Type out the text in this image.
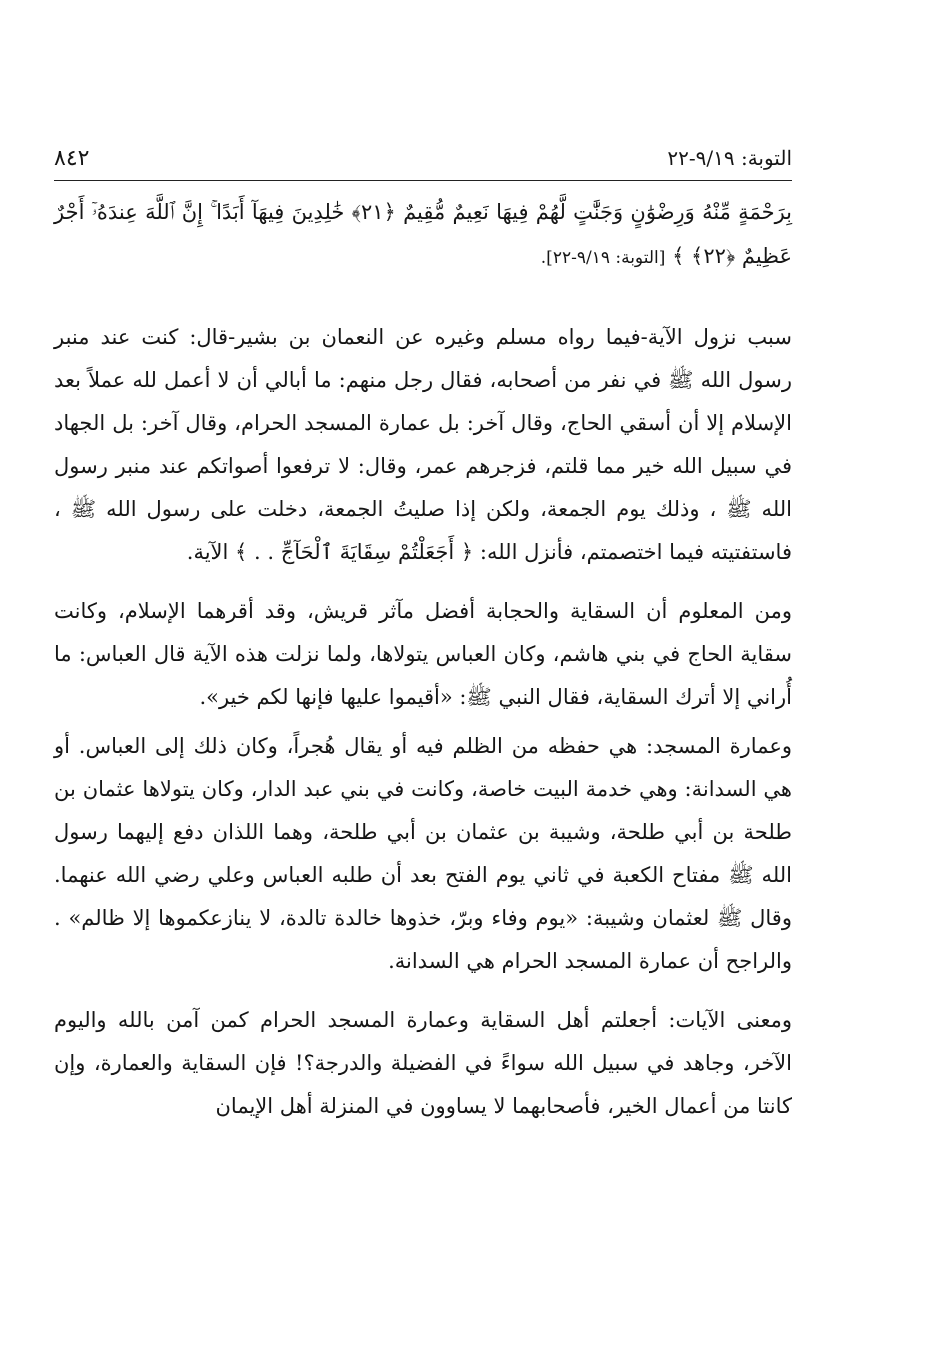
٨٤٢	التوبة: ٩/١٩-٢٢
بِرَحْمَةٍ مِّنْهُ وَرِضْوَٰنٍ وَجَنَّٰتٍ لَّهُمْ فِيهَا نَعِيمٌ مُّقِيمٌ ﴿٢١﴾ خَٰلِدِينَ فِيهَآ أَبَدًا ۚ إِنَّ ٱللَّهَ عِندَهُۥٓ أَجْرٌ عَظِيمٌ ﴿٢٢﴾ ﴾ [التوبة: ٩/١٩-٢٢].

سبب نزول الآية-فيما رواه مسلم وغيره عن النعمان بن بشير-قال: كنت عند منبر رسول الله ﷺ في نفر من أصحابه، فقال رجل منهم: ما أبالي أن لا أعمل لله عملاً بعد الإسلام إلا أن أسقي الحاج، وقال آخر: بل عمارة المسجد الحرام، وقال آخر: بل الجهاد في سبيل الله خير مما قلتم، فزجرهم عمر، وقال: لا ترفعوا أصواتكم عند منبر رسول الله ﷺ ، وذلك يوم الجمعة، ولكن إذا صليتُ الجمعة، دخلت على رسول الله ﷺ ، فاستفتيته فيما اختصمتم، فأنزل الله: ﴿ أَجَعَلْتُمْ سِقَايَةَ ٱلْحَآجِّ . . ﴾ الآية.

ومن المعلوم أن السقاية والحجابة أفضل مآثر قريش، وقد أقرهما الإسلام، وكانت سقاية الحاج في بني هاشم، وكان العباس يتولاها، ولما نزلت هذه الآية قال العباس: ما أُراني إلا أترك السقاية، فقال النبي ﷺ: «أقيموا عليها فإنها لكم خير».

وعمارة المسجد: هي حفظه من الظلم فيه أو يقال هُجراً، وكان ذلك إلى العباس. أو هي السدانة: وهي خدمة البيت خاصة، وكانت في بني عبد الدار، وكان يتولاها عثمان بن طلحة بن أبي طلحة، وشيبة بن عثمان بن أبي طلحة، وهما اللذان دفع إليهما رسول الله ﷺ مفتاح الكعبة في ثاني يوم الفتح بعد أن طلبه العباس وعلي رضي الله عنهما. وقال ﷺ لعثمان وشيبة: «يوم وفاء وبرّ، خذوها خالدة تالدة، لا ينازعكموها إلا ظالم» . والراجح أن عمارة المسجد الحرام هي السدانة.

ومعنى الآيات: أجعلتم أهل السقاية وعمارة المسجد الحرام كمن آمن بالله واليوم الآخر، وجاهد في سبيل الله سواءً في الفضيلة والدرجة؟! فإن السقاية والعمارة، وإن كانتا من أعمال الخير، فأصحابهما لا يساوون في المنزلة أهل الإيمان
